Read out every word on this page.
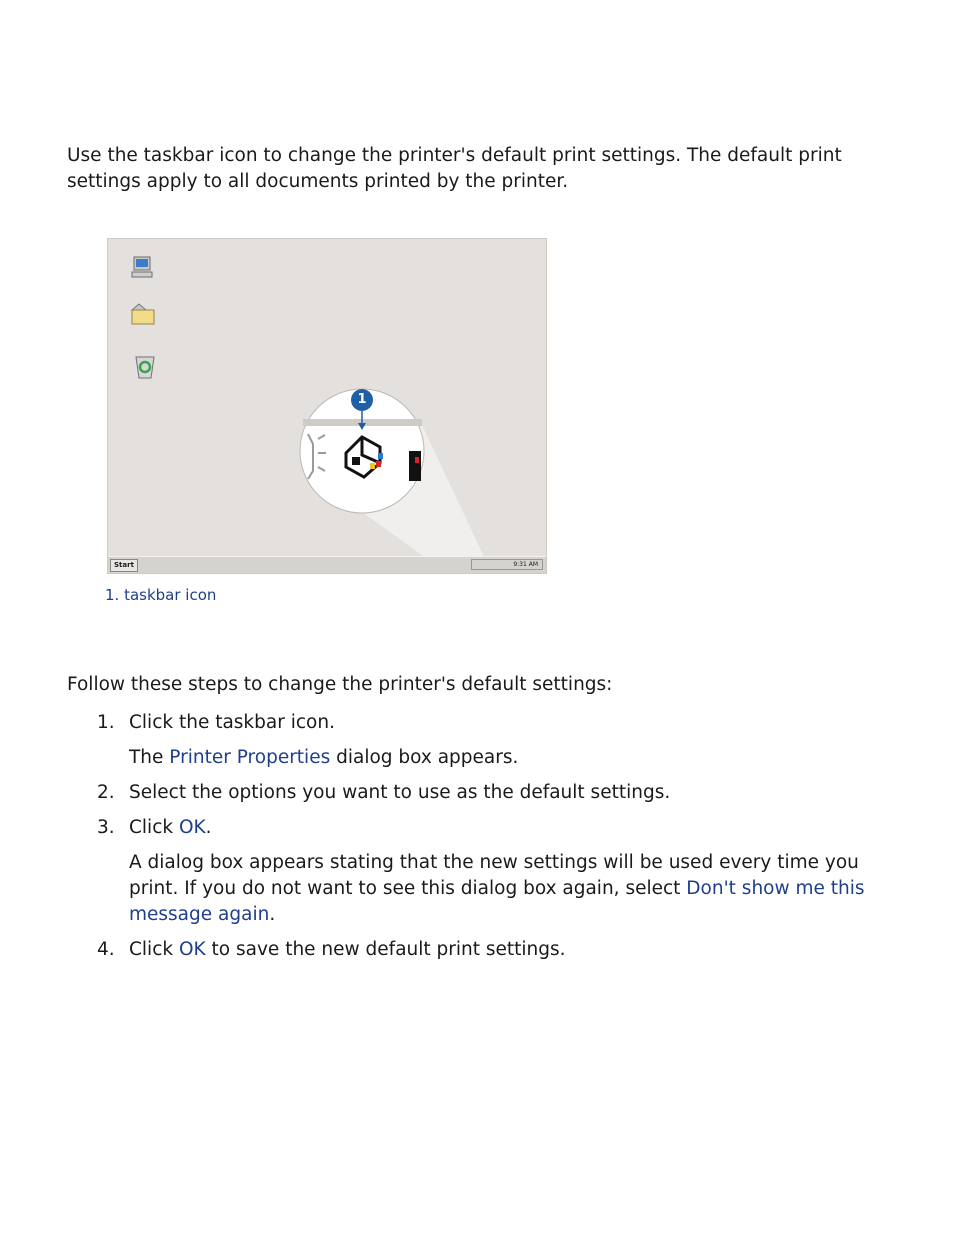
Use the taskbar icon to change the printer's default print settings. The default print settings apply to all documents printed by the printer.

1
Start	9:31 AM

1. taskbar icon

Follow these steps to change the printer's default settings:

1. Click the taskbar icon.
The Printer Properties dialog box appears.
2. Select the options you want to use as the default settings.
3. Click OK.
A dialog box appears stating that the new settings will be used every time you print. If you do not want to see this dialog box again, select Don't show me this message again.
4. Click OK to save the new default print settings.
